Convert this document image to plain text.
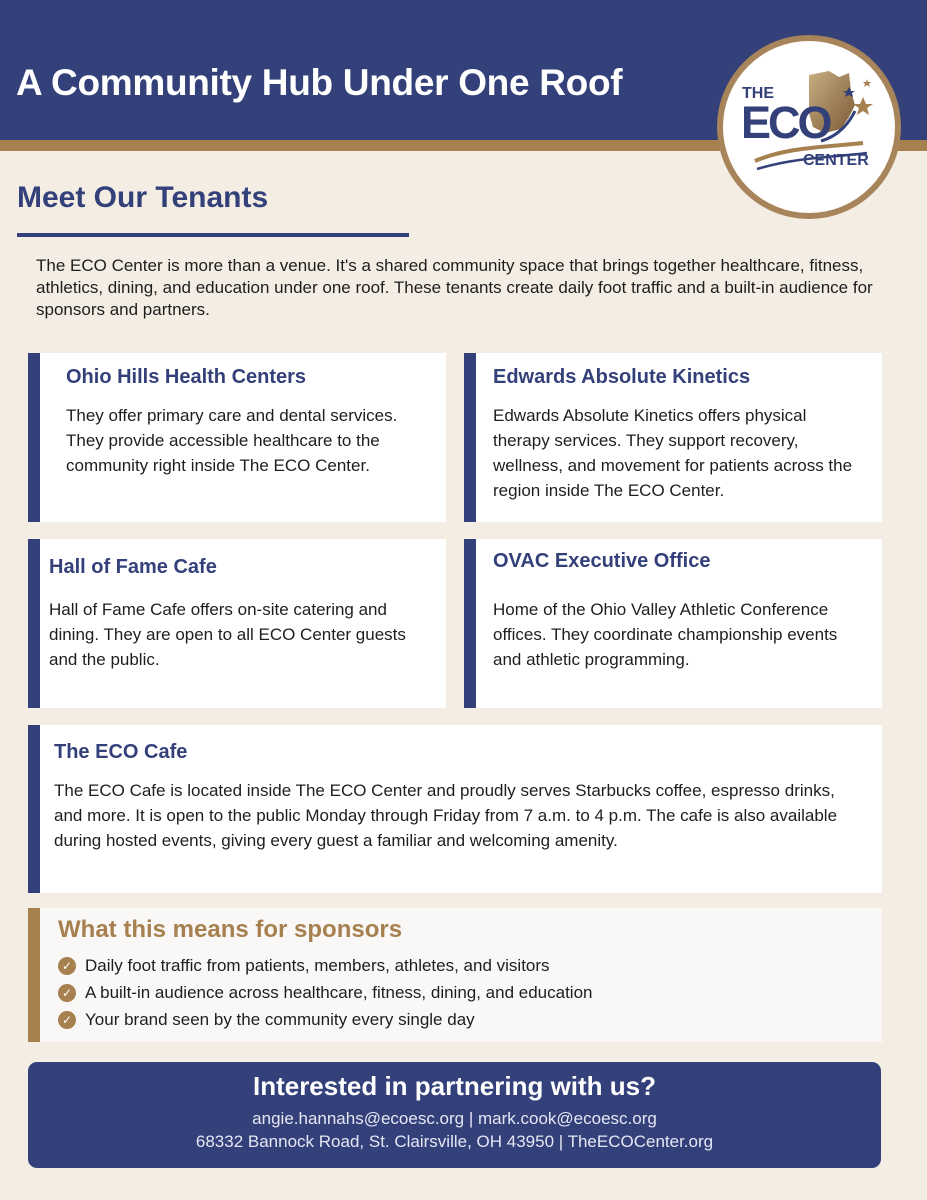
A Community Hub Under One Roof	THE
ECO
CENTER
Meet Our Tenants
The ECO Center is more than a venue. It's a shared community space that brings together healthcare, fitness, athletics, dining, and education under one roof. These tenants create daily foot traffic and a built-in audience for sponsors and partners.
Ohio Hills Health Centers
They offer primary care and dental services. They provide accessible healthcare to the community right inside The ECO Center.
Edwards Absolute Kinetics
Edwards Absolute Kinetics offers physical therapy services. They support recovery, wellness, and movement for patients across the region inside The ECO Center.
Hall of Fame Cafe
Hall of Fame Cafe offers on-site catering and dining. They are open to all ECO Center guests and the public.
OVAC Executive Office
Home of the Ohio Valley Athletic Conference offices. They coordinate championship events and athletic programming.
The ECO Cafe
The ECO Cafe is located inside The ECO Center and proudly serves Starbucks coffee, espresso drinks, and more. It is open to the public Monday through Friday from 7 a.m. to 4 p.m. The cafe is also available during hosted events, giving every guest a familiar and welcoming amenity.
What this means for sponsors
✓ Daily foot traffic from patients, members, athletes, and visitors
✓ A built-in audience across healthcare, fitness, dining, and education
✓ Your brand seen by the community every single day
Interested in partnering with us?
angie.hannahs@ecoesc.org | mark.cook@ecoesc.org
68332 Bannock Road, St. Clairsville, OH 43950 | TheECOCenter.org
